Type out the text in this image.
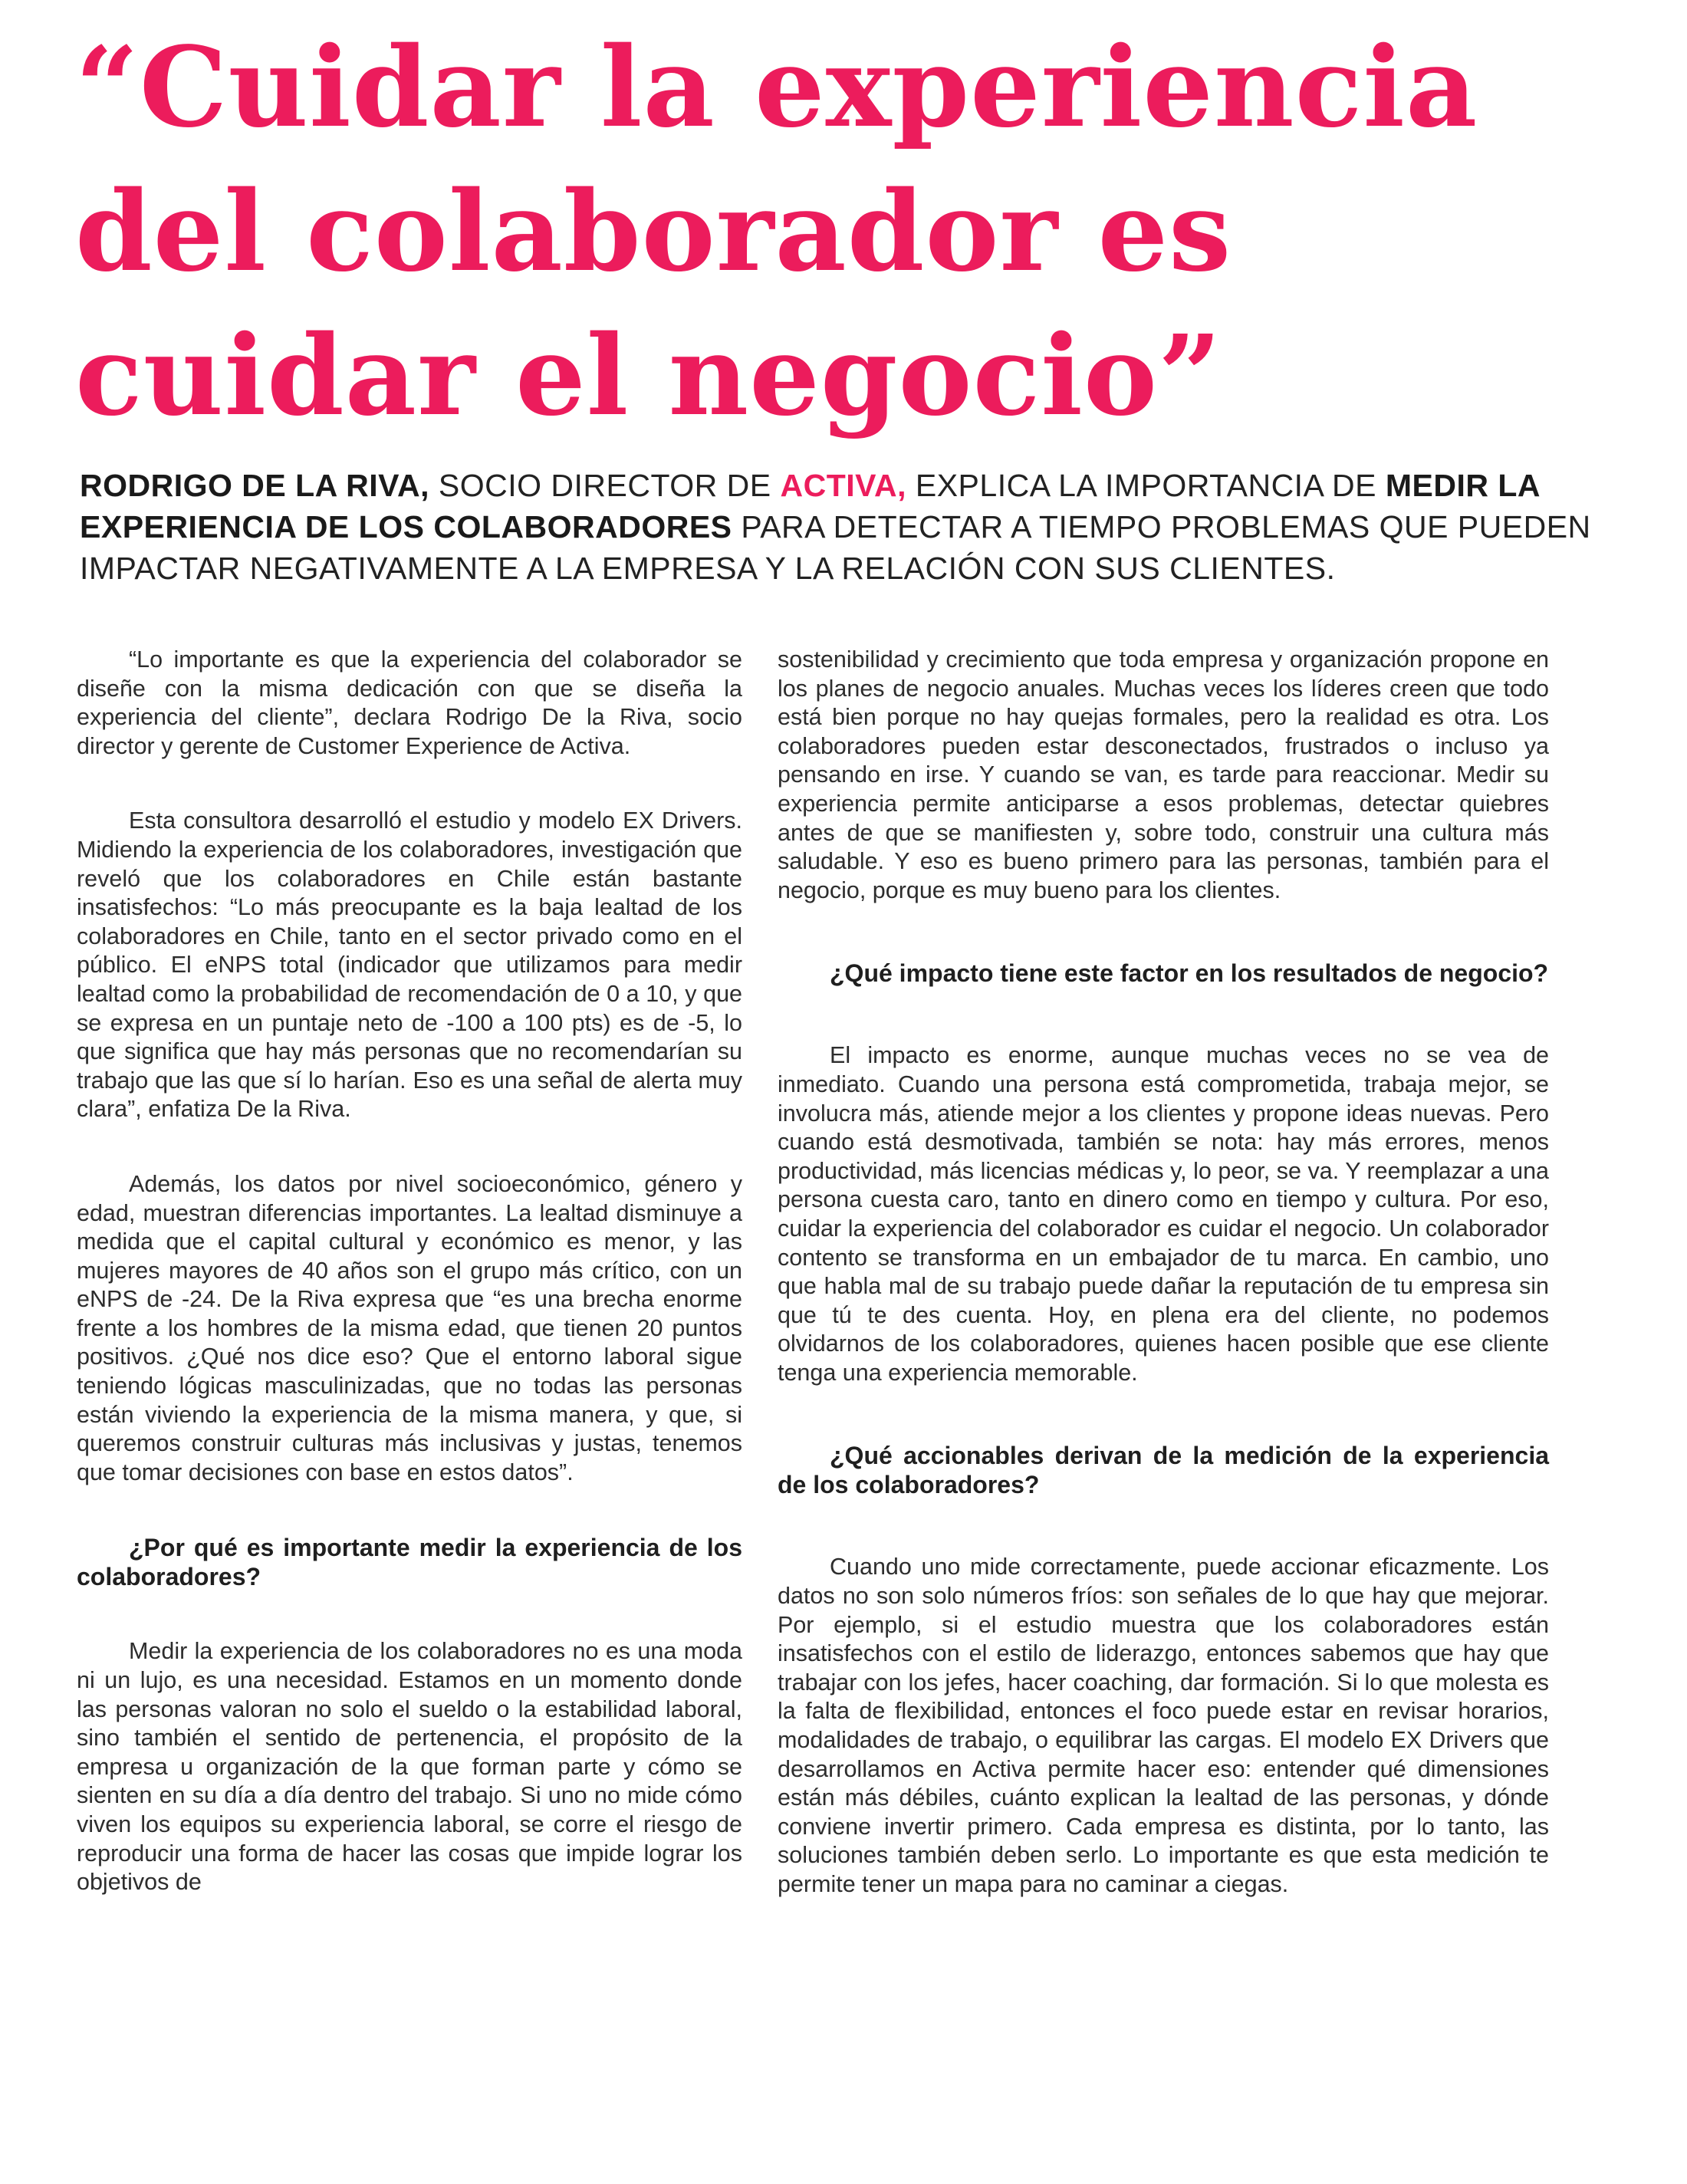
“Cuidar la experiencia del colaborador es cuidar el negocio”

RODRIGO DE LA RIVA, SOCIO DIRECTOR DE ACTIVA, EXPLICA LA IMPORTANCIA DE MEDIR LA EXPERIENCIA DE LOS COLABORADORES PARA DETECTAR A TIEMPO PROBLEMAS QUE PUEDEN IMPACTAR NEGATIVAMENTE A LA EMPRESA Y LA RELACIÓN CON SUS CLIENTES.

“Lo importante es que la experiencia del colaborador se diseñe con la misma dedicación con que se diseña la experiencia del cliente”, declara Rodrigo De la Riva, socio director y gerente de Customer Experience de Activa.

Esta consultora desarrolló el estudio y modelo EX Drivers. Midiendo la experiencia de los colaboradores, investigación que reveló que los colaboradores en Chile están bastante insatisfechos: “Lo más preocupante es la baja lealtad de los colaboradores en Chile, tanto en el sector privado como en el público. El eNPS total (indicador que utilizamos para medir lealtad como la probabilidad de recomendación de 0 a 10, y que se expresa en un puntaje neto de -100 a 100 pts) es de -5, lo que significa que hay más personas que no recomendarían su trabajo que las que sí lo harían. Eso es una señal de alerta muy clara”, enfatiza De la Riva.

Además, los datos por nivel socioeconómico, género y edad, muestran diferencias importantes. La lealtad disminuye a medida que el capital cultural y económico es menor, y las mujeres mayores de 40 años son el grupo más crítico, con un eNPS de -24. De la Riva expresa que “es una brecha enorme frente a los hombres de la misma edad, que tienen 20 puntos positivos. ¿Qué nos dice eso? Que el entorno laboral sigue teniendo lógicas masculinizadas, que no todas las personas están viviendo la experiencia de la misma manera, y que, si queremos construir culturas más inclusivas y justas, tenemos que tomar decisiones con base en estos datos”.

¿Por qué es importante medir la experiencia de los colaboradores?

Medir la experiencia de los colaboradores no es una moda ni un lujo, es una necesidad. Estamos en un momento donde las personas valoran no solo el sueldo o la estabilidad laboral, sino también el sentido de pertenencia, el propósito de la empresa u organización de la que forman parte y cómo se sienten en su día a día dentro del trabajo. Si uno no mide cómo viven los equipos su experiencia laboral, se corre el riesgo de reproducir una forma de hacer las cosas que impide lograr los objetivos de

sostenibilidad y crecimiento que toda empresa y organización propone en los planes de negocio anuales. Muchas veces los líderes creen que todo está bien porque no hay quejas formales, pero la realidad es otra. Los colaboradores pueden estar desconectados, frustrados o incluso ya pensando en irse. Y cuando se van, es tarde para reaccionar. Medir su experiencia permite anticiparse a esos problemas, detectar quiebres antes de que se manifiesten y, sobre todo, construir una cultura más saludable. Y eso es bueno primero para las personas, también para el negocio, porque es muy bueno para los clientes.

¿Qué impacto tiene este factor en los resultados de negocio?

El impacto es enorme, aunque muchas veces no se vea de inmediato. Cuando una persona está comprometida, trabaja mejor, se involucra más, atiende mejor a los clientes y propone ideas nuevas. Pero cuando está desmotivada, también se nota: hay más errores, menos productividad, más licencias médicas y, lo peor, se va. Y reemplazar a una persona cuesta caro, tanto en dinero como en tiempo y cultura. Por eso, cuidar la experiencia del colaborador es cuidar el negocio. Un colaborador contento se transforma en un embajador de tu marca. En cambio, uno que habla mal de su trabajo puede dañar la reputación de tu empresa sin que tú te des cuenta. Hoy, en plena era del cliente, no podemos olvidarnos de los colaboradores, quienes hacen posible que ese cliente tenga una experiencia memorable.

¿Qué accionables derivan de la medición de la experiencia de los colaboradores?

Cuando uno mide correctamente, puede accionar eficazmente. Los datos no son solo números fríos: son señales de lo que hay que mejorar. Por ejemplo, si el estudio muestra que los colaboradores están insatisfechos con el estilo de liderazgo, entonces sabemos que hay que trabajar con los jefes, hacer coaching, dar formación. Si lo que molesta es la falta de flexibilidad, entonces el foco puede estar en revisar horarios, modalidades de trabajo, o equilibrar las cargas. El modelo EX Drivers que desarrollamos en Activa permite hacer eso: entender qué dimensiones están más débiles, cuánto explican la lealtad de las personas, y dónde conviene invertir primero. Cada empresa es distinta, por lo tanto, las soluciones también deben serlo. Lo importante es que esta medición te permite tener un mapa para no caminar a ciegas.
